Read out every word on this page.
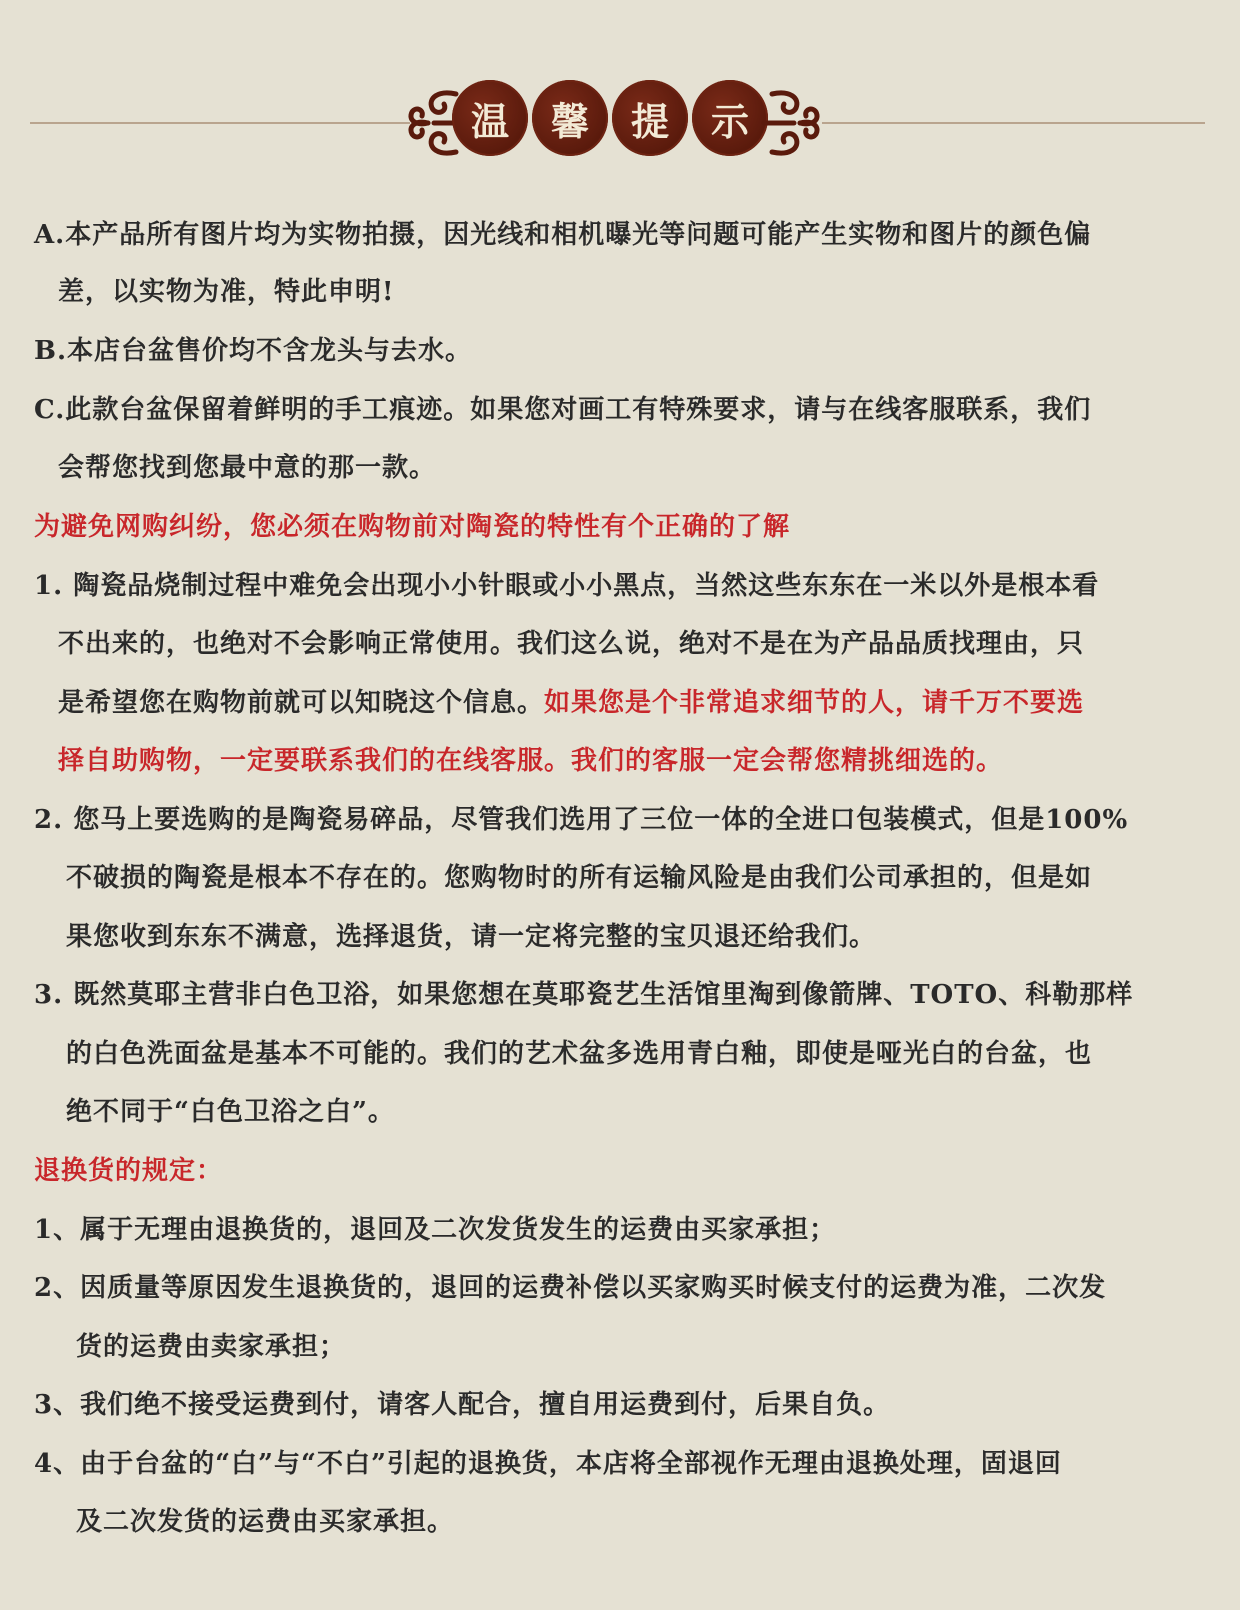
温	馨	提	示
A.本产品所有图片均为实物拍摄，因光线和相机曝光等问题可能产生实物和图片的颜色偏
差，以实物为准，特此申明!
B.本店台盆售价均不含龙头与去水。
C.此款台盆保留着鲜明的手工痕迹。如果您对画工有特殊要求，请与在线客服联系，我们
会帮您找到您最中意的那一款。
为避免网购纠纷，您必须在购物前对陶瓷的特性有个正确的了解
1. 陶瓷品烧制过程中难免会出现小小针眼或小小黑点，当然这些东东在一米以外是根本看
不出来的，也绝对不会影响正常使用。我们这么说，绝对不是在为产品品质找理由，只
是希望您在购物前就可以知晓这个信息。如果您是个非常追求细节的人，请千万不要选
择自助购物，一定要联系我们的在线客服。我们的客服一定会帮您精挑细选的。
2. 您马上要选购的是陶瓷易碎品，尽管我们选用了三位一体的全进口包装模式，但是100%
不破损的陶瓷是根本不存在的。您购物时的所有运输风险是由我们公司承担的，但是如
果您收到东东不满意，选择退货，请一定将完整的宝贝退还给我们。
3. 既然莫耶主营非白色卫浴，如果您想在莫耶瓷艺生活馆里淘到像箭牌、TOTO、科勒那样
的白色洗面盆是基本不可能的。我们的艺术盆多选用青白釉，即使是哑光白的台盆，也
绝不同于“白色卫浴之白”。
退换货的规定：
1、属于无理由退换货的，退回及二次发货发生的运费由买家承担；
2、因质量等原因发生退换货的，退回的运费补偿以买家购买时候支付的运费为准，二次发
货的运费由卖家承担；
3、我们绝不接受运费到付，请客人配合，擅自用运费到付，后果自负。
4、由于台盆的“白”与“不白”引起的退换货，本店将全部视作无理由退换处理，固退回
及二次发货的运费由买家承担。
